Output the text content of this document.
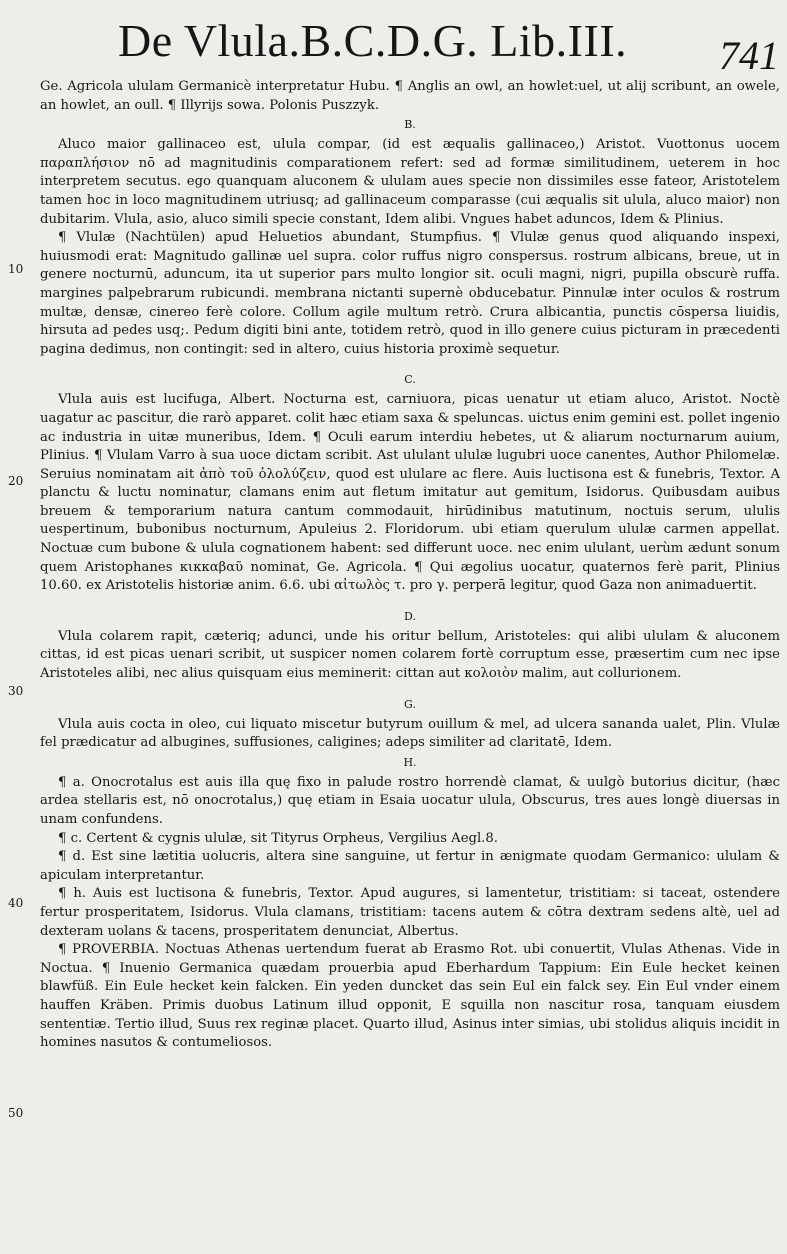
De Vlula.B.C.D.G. Lib.III. 741
10
20
30
40
50

Ge. Agricola ululam Germanicè interpretatur Hubu. ¶ Anglis an owl, an howlet:uel, ut alij scribunt, an owele, an howlet, an oull. ¶ Illyrijs sowa. Polonis Puszzyk.

B.

Aluco maior gallinaceo est, ulula compar, (id est æqualis gallinaceo,) Aristot. Vuottonus uocem παραπλήσιον nō ad magnitudinis comparationem refert: sed ad formæ similitudinem, ueterem in hoc interpretem secutus. ego quanquam aluconem & ululam aues specie non dissimiles esse fateor, Aristotelem tamen hoc in loco magnitudinem utriusq; ad gallinaceum comparasse (cui æqualis sit ulula, aluco maior) non dubitarim. Vlula, asio, aluco simili specie constant, Idem alibi. Vngues habet aduncos, Idem & Plinius.

¶ Vlulæ (Nachtülen) apud Heluetios abundant, Stumpfius. ¶ Vlulæ genus quod aliquando inspexi, huiusmodi erat: Magnitudo gallinæ uel supra. color ruffus nigro conspersus. rostrum albicans, breue, ut in genere nocturnū, aduncum, ita ut superior pars multo longior sit. oculi magni, nigri, pupilla obscurè ruffa. margines palpebrarum rubicundi. membrana nictanti supernè obducebatur. Pinnulæ inter oculos & rostrum multæ, densæ, cinereo ferè colore. Collum agile multum retrò. Crura albicantia, punctis cōspersa liuidis, hirsuta ad pedes usq;. Pedum digiti bini ante, totidem retrò, quod in illo genere cuius picturam in præcedenti pagina dedimus, non contingit: sed in altero, cuius historia proximè sequetur.

C.

Vlula auis est lucifuga, Albert. Nocturna est, carniuora, picas uenatur ut etiam aluco, Aristot. Noctè uagatur ac pascitur, die rarò apparet. colit hæc etiam saxa & speluncas. uictus enim gemini est. pollet ingenio ac industria in uitæ muneribus, Idem. ¶ Oculi earum interdiu hebetes, ut & aliarum nocturnarum auium, Plinius. ¶ Vlulam Varro à sua uoce dictam scribit. Ast ululant ululæ lugubri uoce canentes, Author Philomelæ. Seruius nominatam ait ἀπὸ τοῦ ὀλολύζειν, quod est ululare ac flere. Auis luctisona est & funebris, Textor. A planctu & luctu nominatur, clamans enim aut fletum imitatur aut gemitum, Isidorus. Quibusdam auibus breuem & temporarium natura cantum commodauit, hirūdinibus matutinum, noctuis serum, ululis uespertinum, bubonibus nocturnum, Apuleius 2. Floridorum. ubi etiam querulum ululæ carmen appellat. Noctuæ cum bubone & ulula cognationem habent: sed differunt uoce. nec enim ululant, uerùm ædunt sonum quem Aristophanes κικκαβαῦ nominat, Ge. Agricola. ¶ Qui ægolius uocatur, quaternos ferè parit, Plinius 10.60. ex Aristotelis historiæ anim. 6.6. ubi αἰτωλὸς τ. pro γ. perperā legitur, quod Gaza non animaduertit.

D.

Vlula colarem rapit, cæteriq; adunci, unde his oritur bellum, Aristoteles: qui alibi ululam & aluconem cittas, id est picas uenari scribit, ut suspicer nomen colarem fortè corruptum esse, præsertim cum nec ipse Aristoteles alibi, nec alius quisquam eius meminerit: cittan aut κολοιὸν malim, aut collurionem.

G.

Vlula auis cocta in oleo, cui liquato miscetur butyrum ouillum & mel, ad ulcera sananda ualet, Plin. Vlulæ fel prædicatur ad albugines, suffusiones, caligines; adeps similiter ad claritatē, Idem.

H.

¶ a. Onocrotalus est auis illa quę fixo in palude rostro horrendè clamat, & uulgò butorius dicitur, (hæc ardea stellaris est, nō onocrotalus,) quę etiam in Esaia uocatur ulula, Obscurus, tres aues longè diuersas in unam confundens.

¶ c. Certent & cygnis ululæ, sit Tityrus Orpheus, Vergilius Aegl.8.

¶ d. Est sine lætitia uolucris, altera sine sanguine, ut fertur in ænigmate quodam Germanico: ululam & apiculam interpretantur.

¶ h. Auis est luctisona & funebris, Textor. Apud augures, si lamentetur, tristitiam: si taceat, ostendere fertur prosperitatem, Isidorus. Vlula clamans, tristitiam: tacens autem & cōtra dextram sedens altè, uel ad dexteram uolans & tacens, prosperitatem denunciat, Albertus.

¶ PROVERBIA. Noctuas Athenas uertendum fuerat ab Erasmo Rot. ubi conuertit, Vlulas Athenas. Vide in Noctua. ¶ Inuenio Germanica quædam prouerbia apud Eberhardum Tappium: Ein Eule hecket keinen blawfüß. Ein Eule hecket kein falcken. Ein yeden duncket das sein Eul ein falck sey. Ein Eul vnder einem hauffen Kräben. Primis duobus Latinum illud opponit, E squilla non nascitur rosa, tanquam eiusdem sententiæ. Tertio illud, Suus rex reginæ placet. Quarto illud, Asinus inter simias, ubi stolidus aliquis incidit in homines nasutos & contumeliosos.
